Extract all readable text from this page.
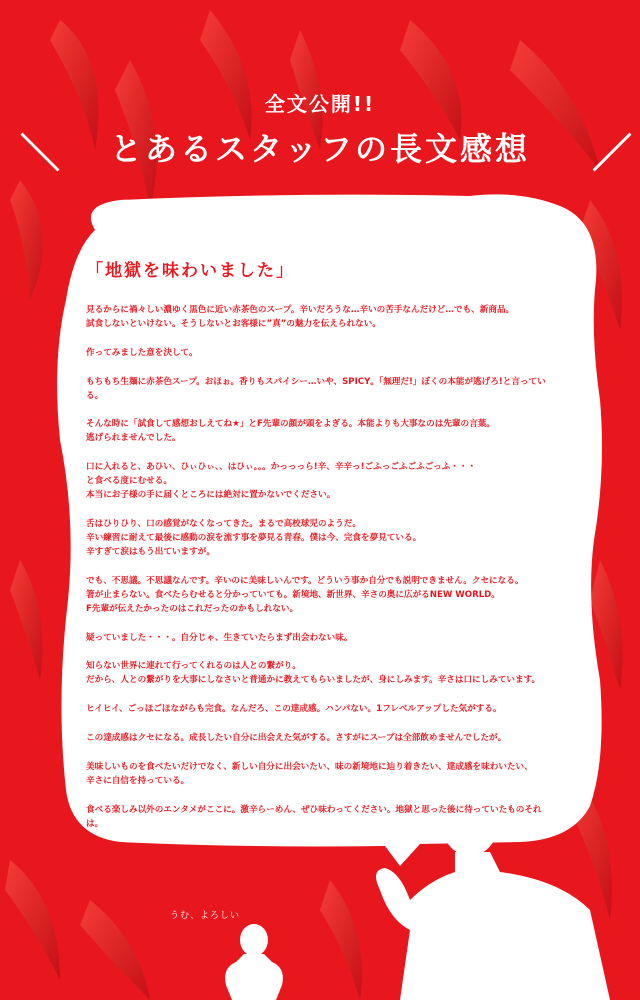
全文公開!!
＼	とあるスタッフの長文感想	／
「地獄を味わいました」
見るからに禍々しい濃ゆく黒色に近い赤茶色のスープ。辛いだろうな…辛いの苦手なんだけど…でも、新商品。
試食しないといけない。そうしないとお客様に”真”の魅力を伝えられない。
作ってみました意を決して。
もちもち生麺に赤茶色スープ。おほぉ。香りもスパイシー…いや、SPICY。「無理だ!」ぼくの本能が逃げろ!と言っている。
そんな時に「試食して感想おしえてね★」とF先輩の顔が頭をよぎる。本能よりも大事なのは先輩の言葉。
逃げられませんでした。
口に入れると、あひい、ひぃひぃ、、はひぃ。。。かっっっら!辛、辛辛っ!ごふっごふごふごっふ・・・
と食べる度にむせる。
本当にお子様の手に届くところには絶対に置かないでください。
舌はひりひり、口の感覚がなくなってきた。まるで高校球児のようだ。
辛い練習に耐えて最後に感動の涙を流す事を夢見る青春。僕は今、完食を夢見ている。
辛すぎて涙はもう出ていますが。
でも、不思議。不思議なんです。辛いのに美味しいんです。どういう事か自分でも説明できません。クセになる。
箸が止まらない。食べたらむせると分かっていても。新境地、新世界、辛さの奥に広がるNEW WORLD。
F先輩が伝えたかったのはこれだったのかもしれない。
疑っていました・・・。自分じゃ、生きていたらまず出会わない味。
知らない世界に連れて行ってくれるのは人との繋がり。
だから、人との繋がりを大事にしなさいと普通かに教えてもらいましたが、身にしみます。辛さは口にしみています。
ヒイヒイ、ごっほごほながらも完食。なんだろ、この達成感。ハンパない。1フレベルアップした気がする。
この達成感はクセになる。成長したい自分に出会えた気がする。さすがにスープは全部飲めませんでしたが。
美味しいものを食べたいだけでなく、新しい自分に出会いたい、味の新境地に辿り着きたい、達成感を味わいたい、
辛さに自信を持っている。
食べる楽しみ以外のエンタメがここに。激辛らーめん、ぜひ味わってください。地獄と思った後に待っていたものそれは。
「至極を味わいました」
うむ、よろしい
